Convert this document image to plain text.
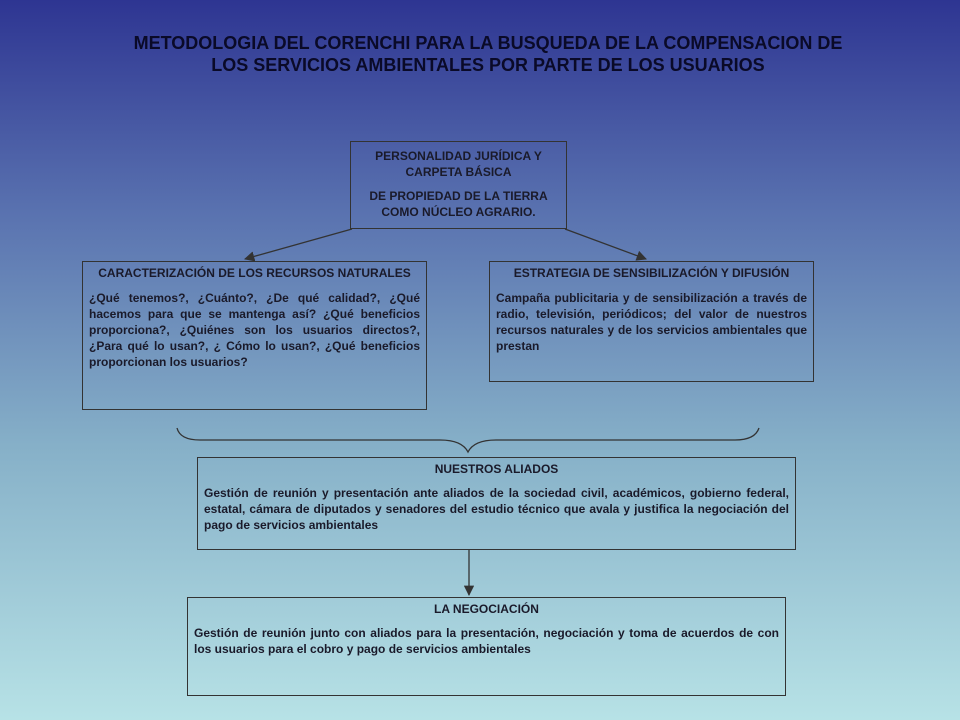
METODOLOGIA DEL CORENCHI PARA LA BUSQUEDA DE LA COMPENSACION DE LOS SERVICIOS AMBIENTALES POR PARTE DE LOS USUARIOS
PERSONALIDAD JURÍDICA Y CARPETA BÁSICA
DE PROPIEDAD DE LA TIERRA COMO NÚCLEO AGRARIO.
CARACTERIZACIÓN DE LOS RECURSOS NATURALES
¿Qué tenemos?, ¿Cuánto?, ¿De qué calidad?, ¿Qué hacemos para que se mantenga así? ¿Qué beneficios proporciona?, ¿Quiénes son los usuarios directos?, ¿Para qué lo usan?, ¿ Cómo lo usan?, ¿Qué beneficios proporcionan los usuarios?
ESTRATEGIA DE SENSIBILIZACIÓN Y DIFUSIÓN
Campaña publicitaria y de sensibilización a través de radio, televisión, periódicos; del valor de nuestros recursos naturales y de los servicios ambientales que prestan
NUESTROS ALIADOS
Gestión de reunión y presentación ante aliados de la sociedad civil, académicos, gobierno federal, estatal, cámara de diputados y senadores del estudio técnico que avala y justifica la negociación del pago de servicios ambientales
LA NEGOCIACIÓN
Gestión de reunión junto con aliados para la presentación, negociación y toma de acuerdos de con los usuarios para el cobro y pago de servicios ambientales
